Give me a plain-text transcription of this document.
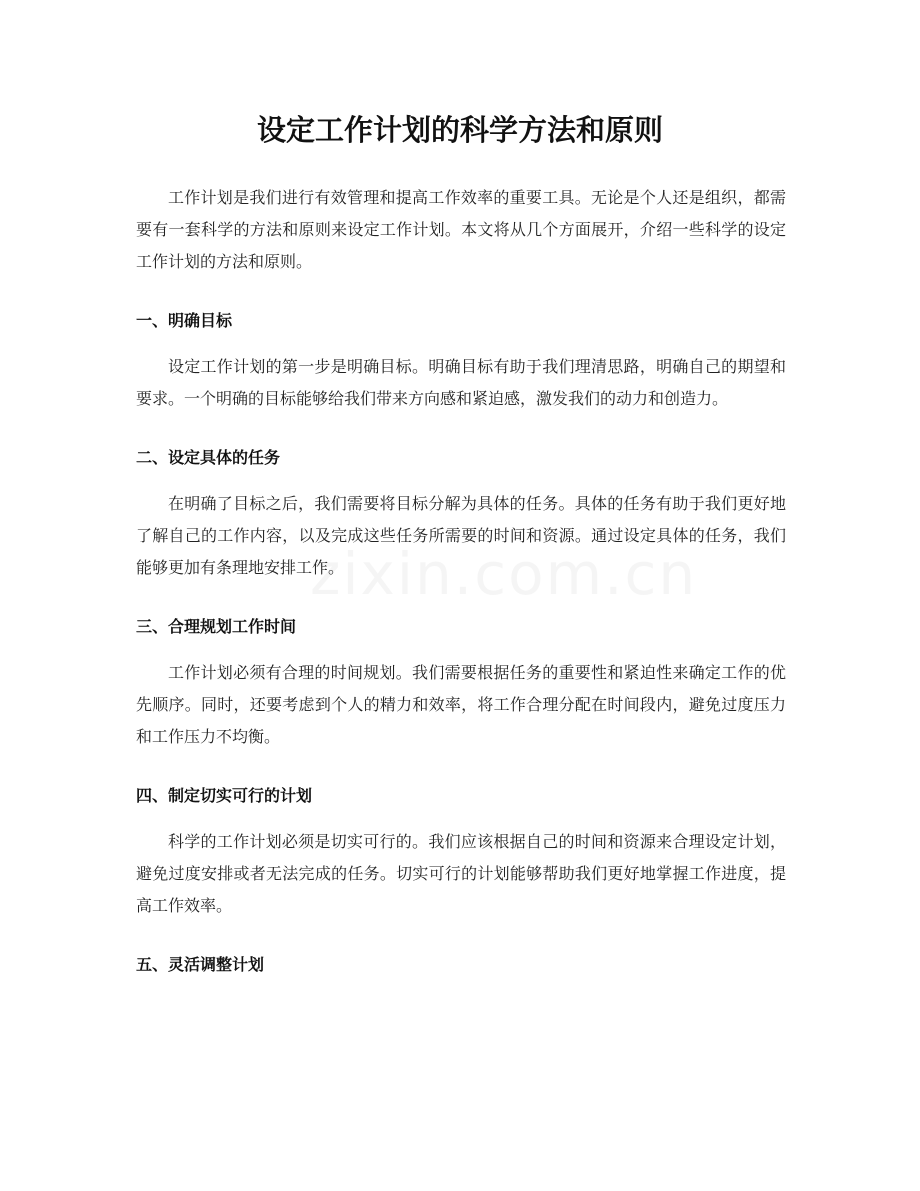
zixin.com.cn
设定工作计划的科学方法和原则

工作计划是我们进行有效管理和提高工作效率的重要工具。无论是个人还是组织，都需要有一套科学的方法和原则来设定工作计划。本文将从几个方面展开，介绍一些科学的设定工作计划的方法和原则。

一、明确目标

设定工作计划的第一步是明确目标。明确目标有助于我们理清思路，明确自己的期望和要求。一个明确的目标能够给我们带来方向感和紧迫感，激发我们的动力和创造力。

二、设定具体的任务

在明确了目标之后，我们需要将目标分解为具体的任务。具体的任务有助于我们更好地了解自己的工作内容，以及完成这些任务所需要的时间和资源。通过设定具体的任务，我们能够更加有条理地安排工作。

三、合理规划工作时间

工作计划必须有合理的时间规划。我们需要根据任务的重要性和紧迫性来确定工作的优先顺序。同时，还要考虑到个人的精力和效率，将工作合理分配在时间段内，避免过度压力和工作压力不均衡。

四、制定切实可行的计划

科学的工作计划必须是切实可行的。我们应该根据自己的时间和资源来合理设定计划，避免过度安排或者无法完成的任务。切实可行的计划能够帮助我们更好地掌握工作进度，提高工作效率。

五、灵活调整计划
